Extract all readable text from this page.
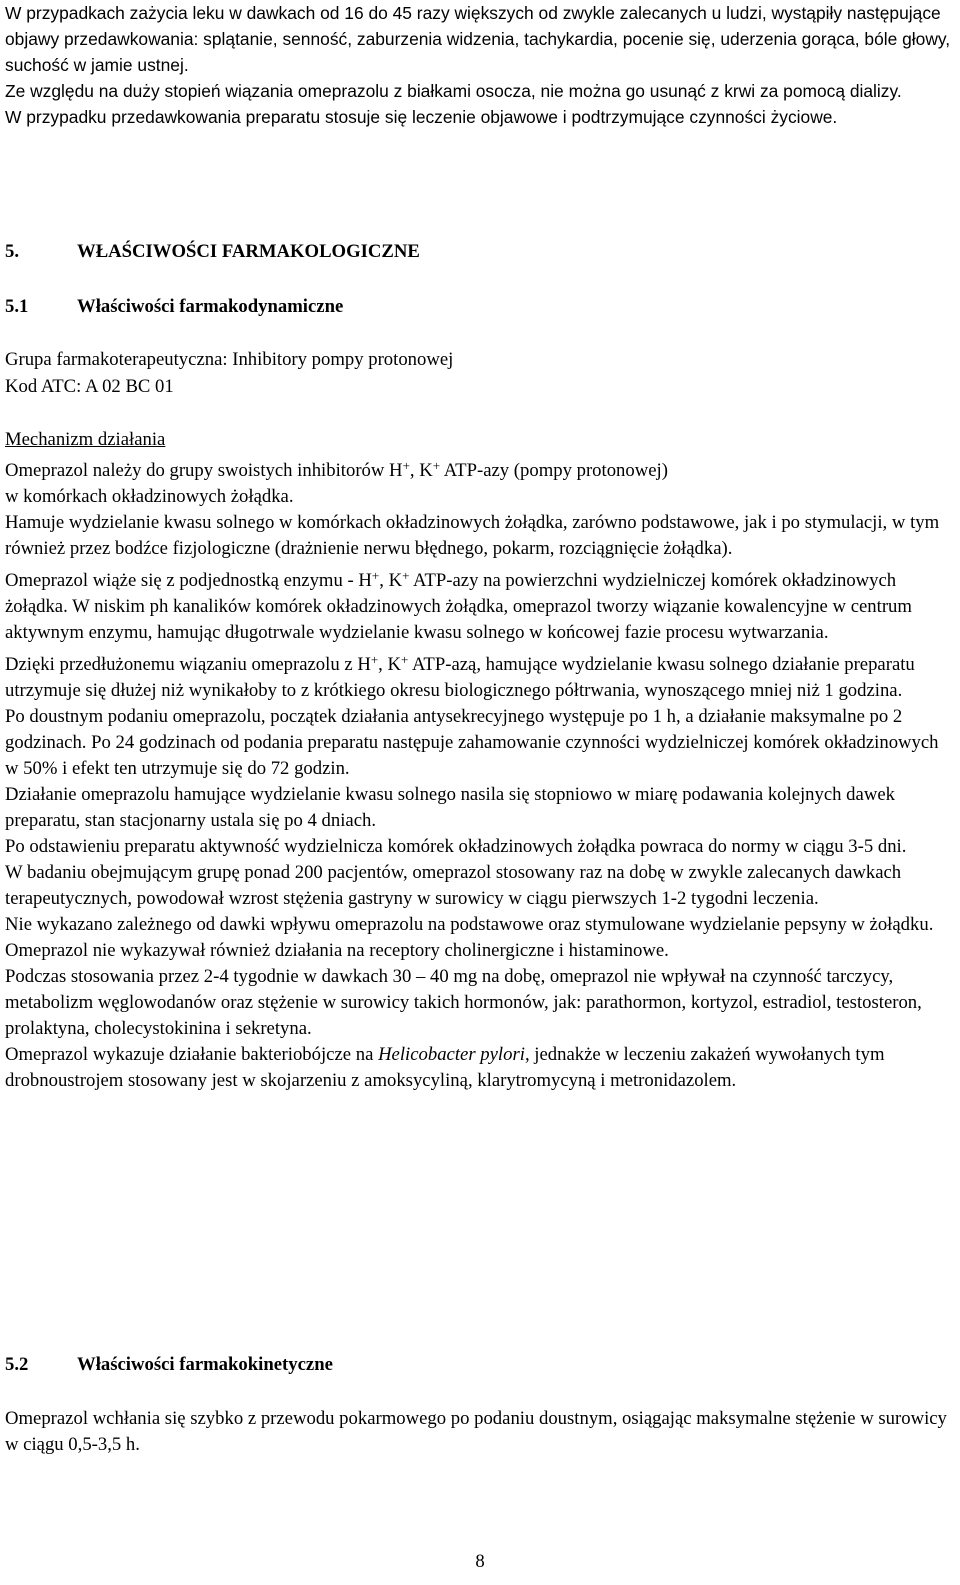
W przypadkach zażycia leku w dawkach od 16 do 45 razy większych od zwykle zalecanych u ludzi, wystąpiły następujące objawy przedawkowania: splątanie, senność, zaburzenia widzenia, tachykardia, pocenie się, uderzenia gorąca, bóle głowy, suchość w jamie ustnej.

Ze względu na duży stopień wiązania omeprazolu z białkami osocza, nie można go usunąć z krwi za pomocą dializy.

W przypadku przedawkowania preparatu stosuje się leczenie objawowe i podtrzymujące czynności życiowe.

5.	WŁAŚCIWOŚCI FARMAKOLOGICZNE
5.1	Właściwości farmakodynamiczne

Grupa farmakoterapeutyczna: Inhibitory pompy protonowej

Kod ATC: A 02 BC 01

Mechanizm działania

Omeprazol należy do grupy swoistych inhibitorów H+, K+ ATP-azy (pompy protonowej)
w komórkach okładzinowych żołądka.

Hamuje wydzielanie kwasu solnego w komórkach okładzinowych żołądka, zarówno podstawowe, jak i po stymulacji, w tym również przez bodźce fizjologiczne (drażnienie nerwu błędnego, pokarm, rozciągnięcie żołądka).

Omeprazol wiąże się z podjednostką enzymu - H+, K+ ATP-azy na powierzchni wydzielniczej komórek okładzinowych żołądka. W niskim ph kanalików komórek okładzinowych żołądka, omeprazol tworzy wiązanie kowalencyjne w centrum aktywnym enzymu, hamując długotrwale wydzielanie kwasu solnego w końcowej fazie procesu wytwarzania.

Dzięki przedłużonemu wiązaniu omeprazolu z H+, K+ ATP-azą, hamujące wydzielanie kwasu solnego działanie preparatu utrzymuje się dłużej niż wynikałoby to z krótkiego okresu biologicznego półtrwania, wynoszącego mniej niż 1 godzina.

Po doustnym podaniu omeprazolu, początek działania antysekrecyjnego występuje po 1 h, a działanie maksymalne po 2 godzinach. Po 24 godzinach od podania preparatu następuje zahamowanie czynności wydzielniczej komórek okładzinowych w 50% i efekt ten utrzymuje się do 72 godzin.

Działanie omeprazolu hamujące wydzielanie kwasu solnego nasila się stopniowo w miarę podawania kolejnych dawek preparatu, stan stacjonarny ustala się po 4 dniach.

Po odstawieniu preparatu aktywność wydzielnicza komórek okładzinowych żołądka powraca do normy w ciągu 3-5 dni.

W badaniu obejmującym grupę ponad 200 pacjentów, omeprazol stosowany raz na dobę w zwykle zalecanych dawkach terapeutycznych, powodował wzrost stężenia gastryny w surowicy w ciągu pierwszych 1-2 tygodni leczenia.

Nie wykazano zależnego od dawki wpływu omeprazolu na podstawowe oraz stymulowane wydzielanie pepsyny w żołądku.

Omeprazol nie wykazywał również działania na receptory cholinergiczne i histaminowe.

Podczas stosowania przez 2-4 tygodnie w dawkach 30 – 40 mg na dobę, omeprazol nie wpływał na czynność tarczycy, metabolizm węglowodanów oraz stężenie w surowicy takich hormonów, jak: parathormon, kortyzol, estradiol, testosteron, prolaktyna, cholecystokinina i sekretyna.

Omeprazol wykazuje działanie bakteriobójcze na Helicobacter pylori, jednakże w leczeniu zakażeń wywołanych tym drobnoustrojem stosowany jest w skojarzeniu z amoksycyliną, klarytromycyną i metronidazolem.

5.2	Właściwości farmakokinetyczne

Omeprazol wchłania się szybko z przewodu pokarmowego po podaniu doustnym, osiągając maksymalne stężenie w surowicy w ciągu 0,5-3,5 h.

8
